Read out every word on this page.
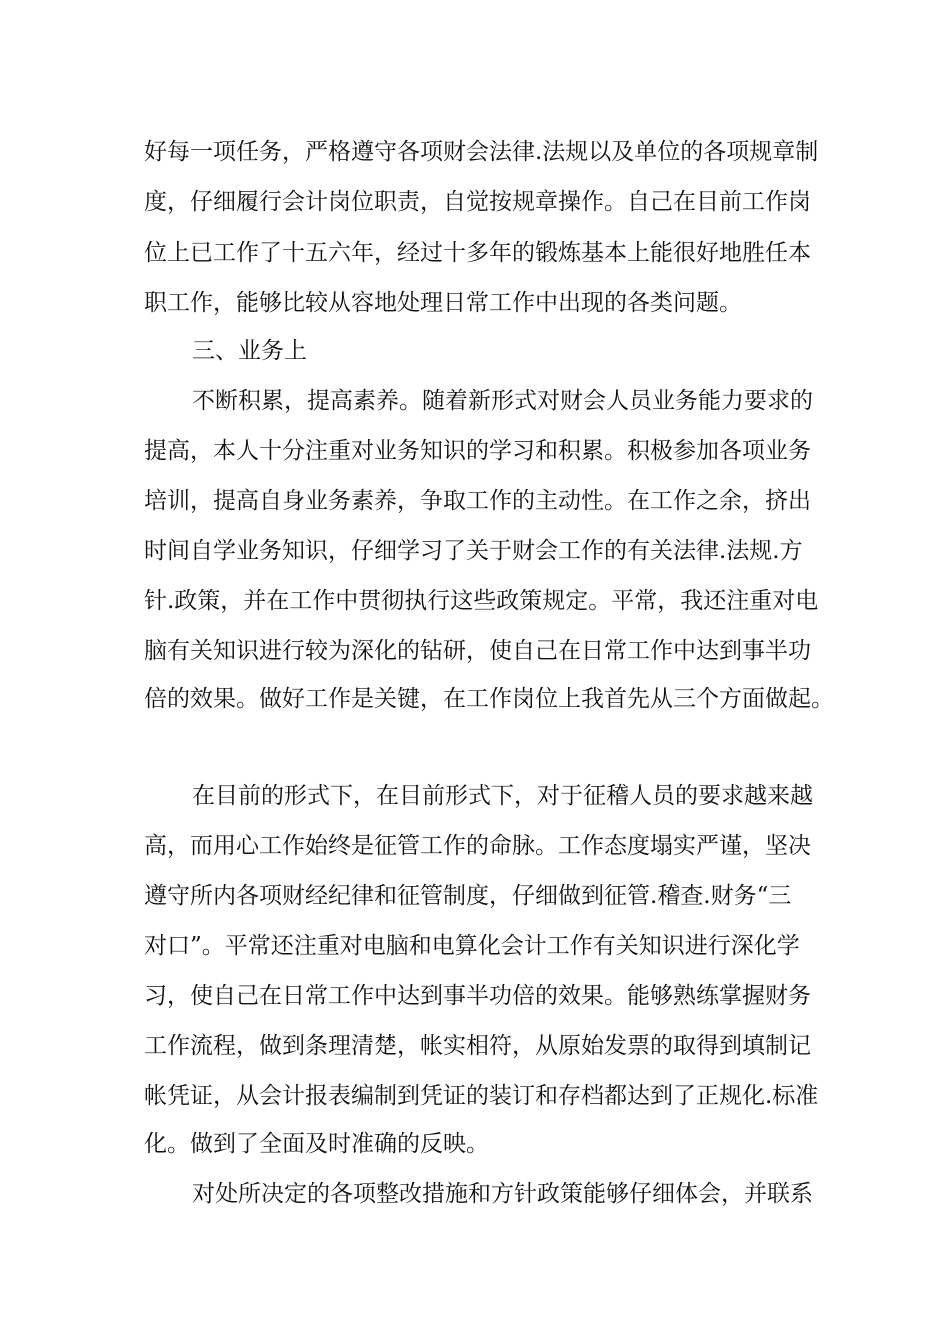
好每一项任务，严格遵守各项财会法律.法规以及单位的各项规章制
度，仔细履行会计岗位职责，自觉按规章操作。自己在目前工作岗
位上已工作了十五六年，经过十多年的锻炼基本上能很好地胜任本
职工作，能够比较从容地处理日常工作中出现的各类问题。
三、业务上
不断积累，提高素养。随着新形式对财会人员业务能力要求的
提高，本人十分注重对业务知识的学习和积累。积极参加各项业务
培训，提高自身业务素养，争取工作的主动性。在工作之余，挤出
时间自学业务知识，仔细学习了关于财会工作的有关法律.法规.方
针.政策，并在工作中贯彻执行这些政策规定。平常，我还注重对电
脑有关知识进行较为深化的钻研，使自己在日常工作中达到事半功
倍的效果。做好工作是关键，在工作岗位上我首先从三个方面做起。
在目前的形式下，在目前形式下，对于征稽人员的要求越来越
高，而用心工作始终是征管工作的命脉。工作态度塌实严谨，坚决
遵守所内各项财经纪律和征管制度，仔细做到征管.稽查.财务“三
对口”。平常还注重对电脑和电算化会计工作有关知识进行深化学
习，使自己在日常工作中达到事半功倍的效果。能够熟练掌握财务
工作流程，做到条理清楚，帐实相符，从原始发票的取得到填制记
帐凭证，从会计报表编制到凭证的装订和存档都达到了正规化.标准
化。做到了全面及时准确的反映。
对处所决定的各项整改措施和方针政策能够仔细体会，并联系
